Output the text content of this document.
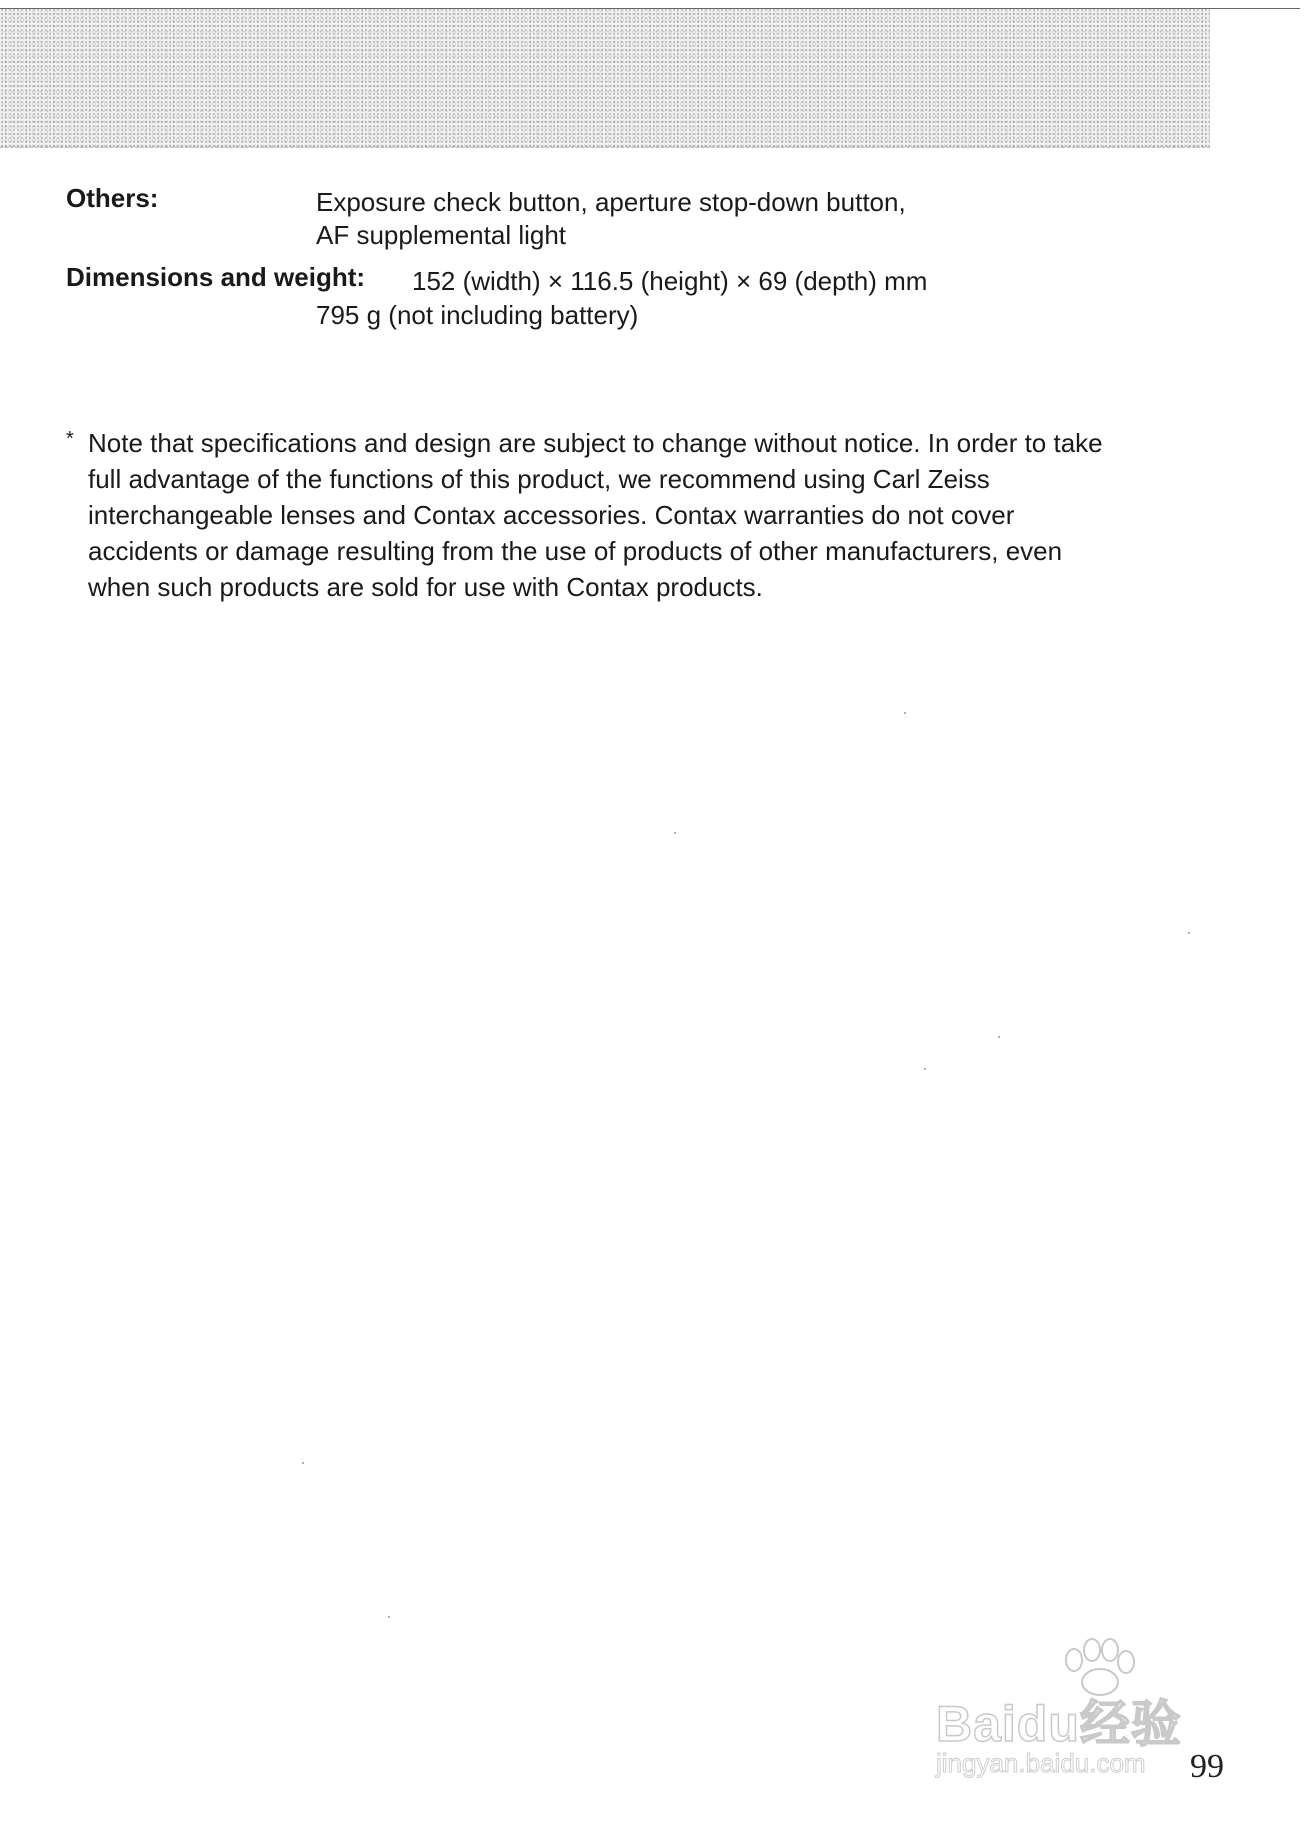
Others:	Exposure check button, aperture stop-down button,
AF supplemental light
Dimensions and weight: 152 (width) × 116.5 (height) × 69 (depth) mm
795 g (not including battery)
* Note that specifications and design are subject to change without notice. In order to take
full advantage of the functions of this product, we recommend using Carl Zeiss
interchangeable lenses and Contax accessories. Contax warranties do not cover
accidents or damage resulting from the use of products of other manufacturers, even
when such products are sold for use with Contax products.
Baidu经验
jingyan.baidu.com 99
